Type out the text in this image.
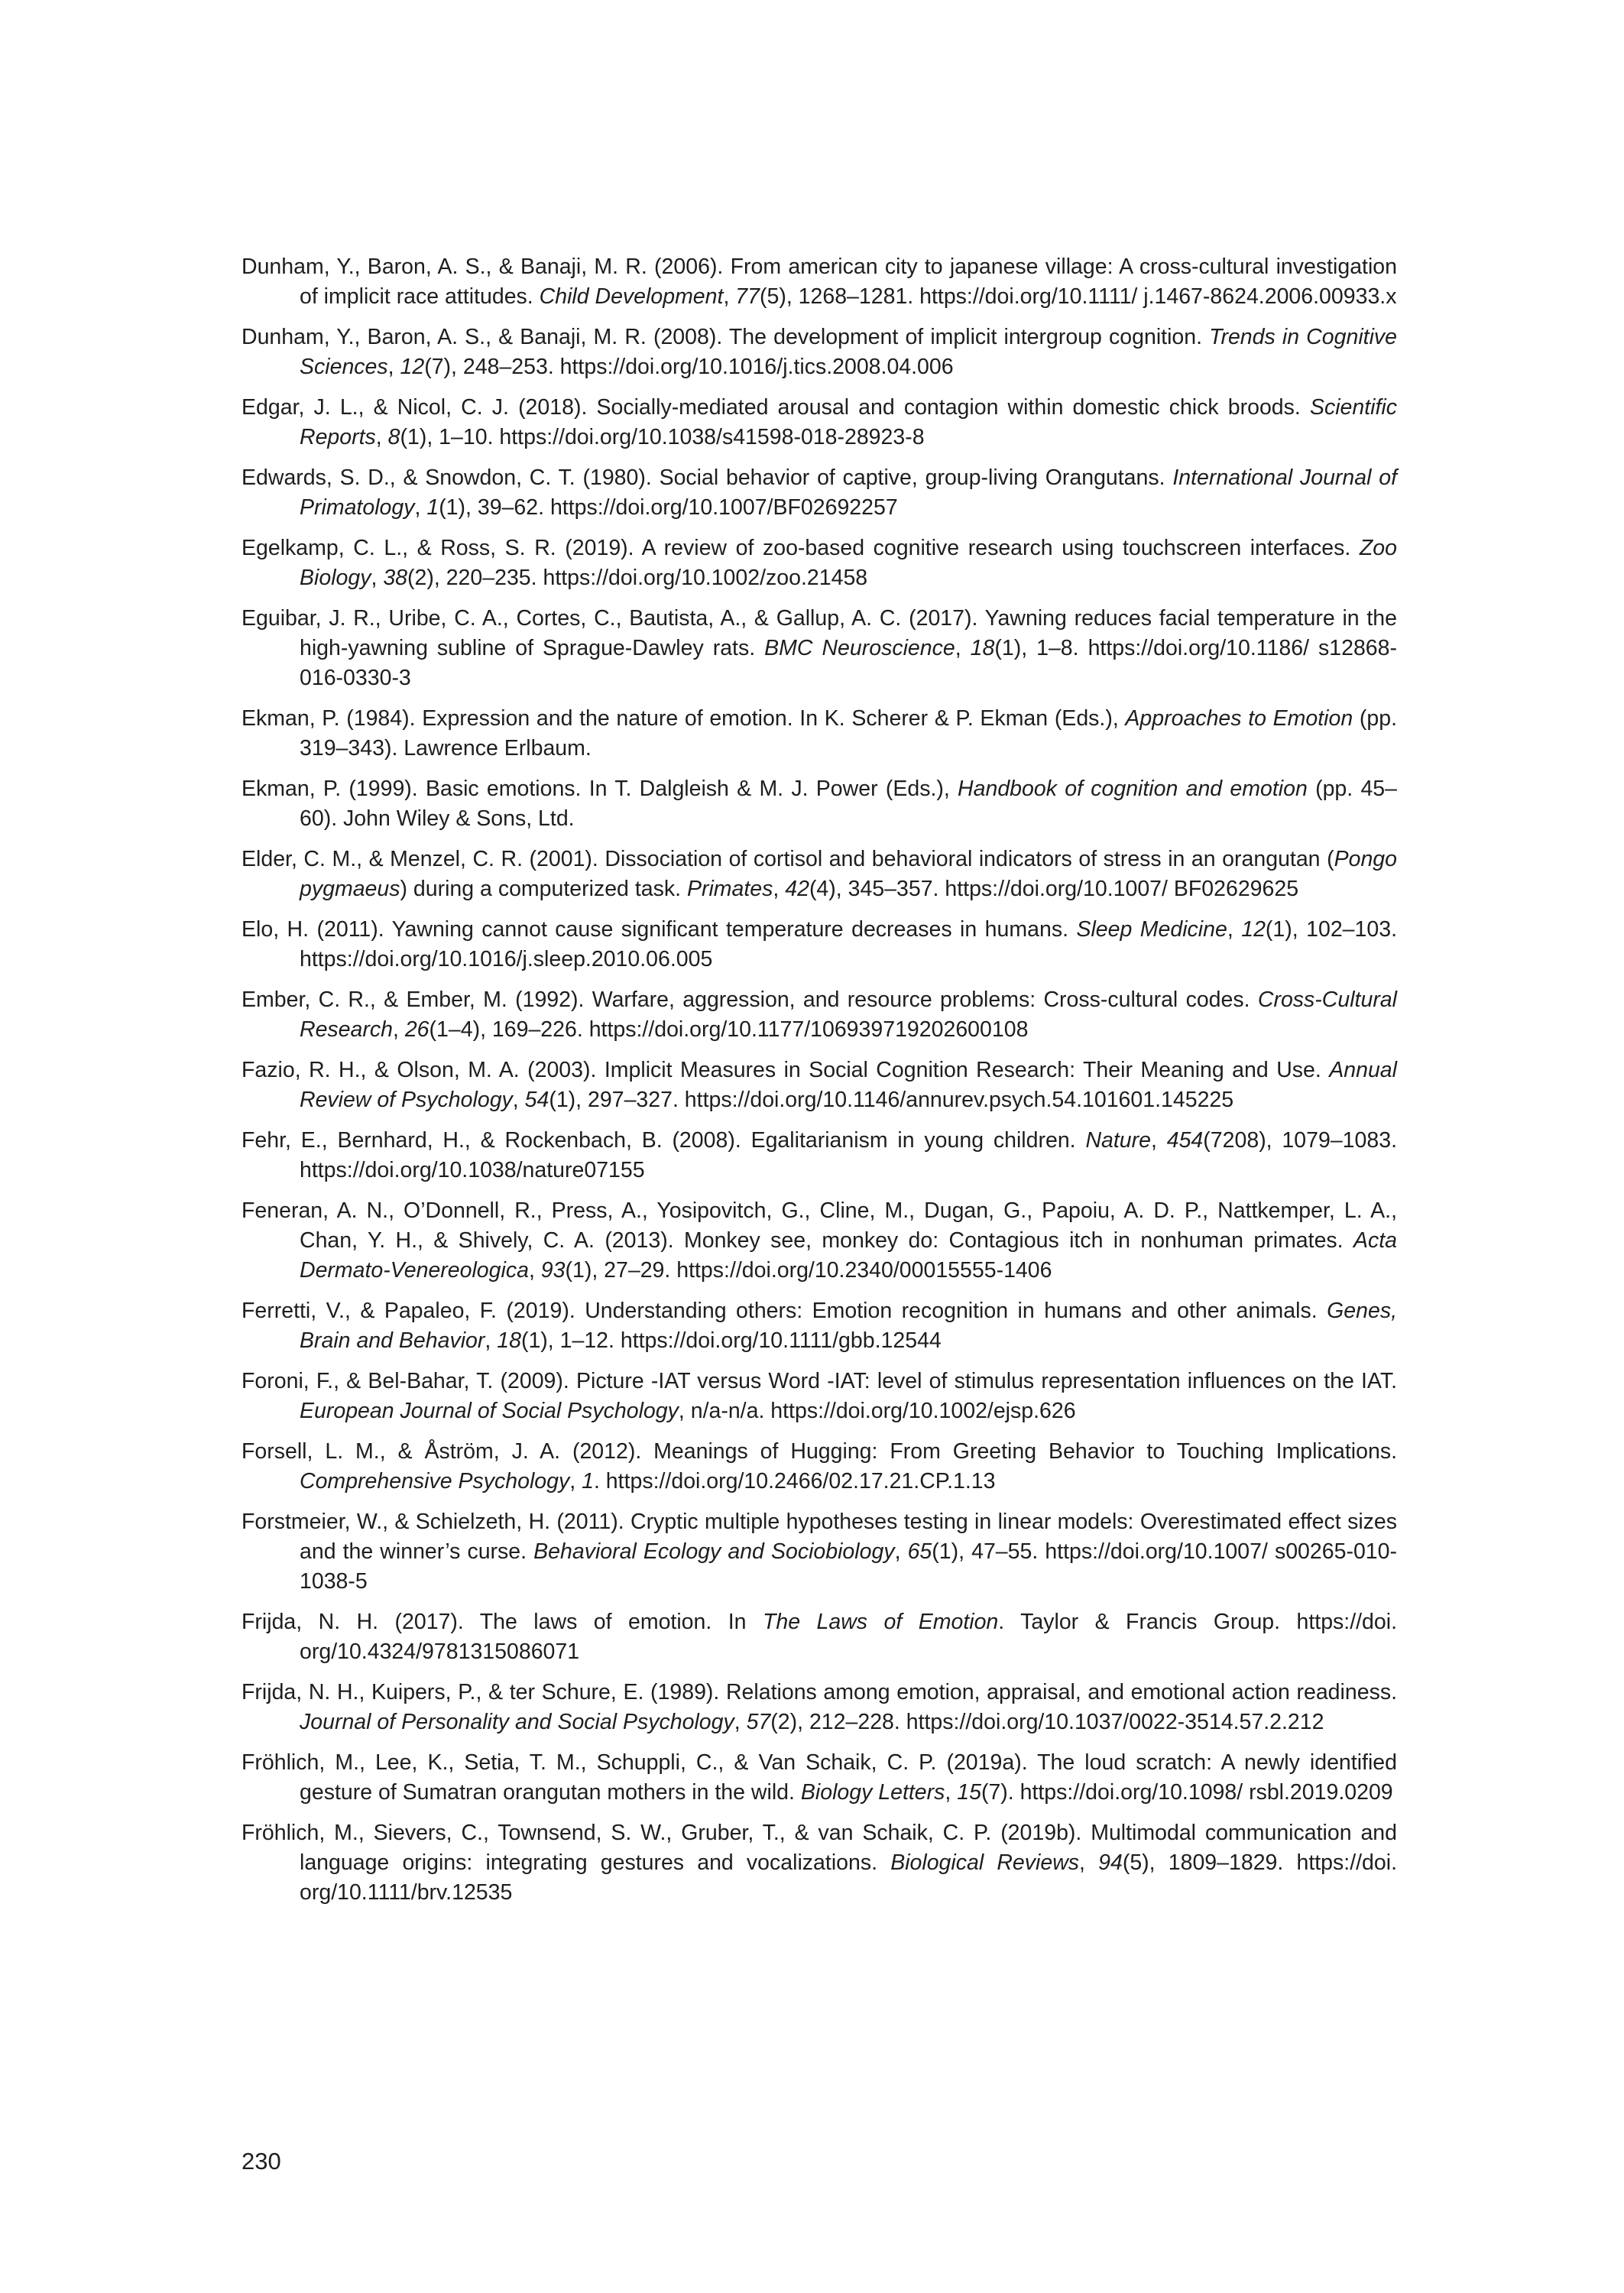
Dunham, Y., Baron, A. S., & Banaji, M. R. (2006). From american city to japanese village: A cross-cultural investigation of implicit race attitudes. Child Development, 77(5), 1268–1281. https://doi.org/10.1111/ j.1467-8624.2006.00933.x

Dunham, Y., Baron, A. S., & Banaji, M. R. (2008). The development of implicit intergroup cognition. Trends in Cognitive Sciences, 12(7), 248–253. https://doi.org/10.1016/j.tics.2008.04.006

Edgar, J. L., & Nicol, C. J. (2018). Socially-mediated arousal and contagion within domestic chick broods. Scientific Reports, 8(1), 1–10. https://doi.org/10.1038/s41598-018-28923-8

Edwards, S. D., & Snowdon, C. T. (1980). Social behavior of captive, group-living Orangutans. International Journal of Primatology, 1(1), 39–62. https://doi.org/10.1007/BF02692257

Egelkamp, C. L., & Ross, S. R. (2019). A review of zoo-based cognitive research using touchscreen interfaces. Zoo Biology, 38(2), 220–235. https://doi.org/10.1002/zoo.21458

Eguibar, J. R., Uribe, C. A., Cortes, C., Bautista, A., & Gallup, A. C. (2017). Yawning reduces facial temperature in the high-yawning subline of Sprague-Dawley rats. BMC Neuroscience, 18(1), 1–8. https://doi.org/10.1186/ s12868-016-0330-3

Ekman, P. (1984). Expression and the nature of emotion. In K. Scherer & P. Ekman (Eds.), Approaches to Emotion (pp. 319–343). Lawrence Erlbaum.

Ekman, P. (1999). Basic emotions. In T. Dalgleish & M. J. Power (Eds.), Handbook of cognition and emotion (pp. 45–60). John Wiley & Sons, Ltd.

Elder, C. M., & Menzel, C. R. (2001). Dissociation of cortisol and behavioral indicators of stress in an orangutan (Pongo pygmaeus) during a computerized task. Primates, 42(4), 345–357. https://doi.org/10.1007/ BF02629625

Elo, H. (2011). Yawning cannot cause significant temperature decreases in humans. Sleep Medicine, 12(1), 102–103. https://doi.org/10.1016/j.sleep.2010.06.005

Ember, C. R., & Ember, M. (1992). Warfare, aggression, and resource problems: Cross-cultural codes. Cross-Cultural Research, 26(1–4), 169–226. https://doi.org/10.1177/106939719202600108

Fazio, R. H., & Olson, M. A. (2003). Implicit Measures in Social Cognition Research: Their Meaning and Use. Annual Review of Psychology, 54(1), 297–327. https://doi.org/10.1146/annurev.psych.54.101601.145225

Fehr, E., Bernhard, H., & Rockenbach, B. (2008). Egalitarianism in young children. Nature, 454(7208), 1079–1083. https://doi.org/10.1038/nature07155

Feneran, A. N., O’Donnell, R., Press, A., Yosipovitch, G., Cline, M., Dugan, G., Papoiu, A. D. P., Nattkemper, L. A., Chan, Y. H., & Shively, C. A. (2013). Monkey see, monkey do: Contagious itch in nonhuman primates. Acta Dermato-Venereologica, 93(1), 27–29. https://doi.org/10.2340/00015555-1406

Ferretti, V., & Papaleo, F. (2019). Understanding others: Emotion recognition in humans and other animals. Genes, Brain and Behavior, 18(1), 1–12. https://doi.org/10.1111/gbb.12544

Foroni, F., & Bel-Bahar, T. (2009). Picture -IAT versus Word -IAT: level of stimulus representation influences on the IAT. European Journal of Social Psychology, n/a-n/a. https://doi.org/10.1002/ejsp.626

Forsell, L. M., & Åström, J. A. (2012). Meanings of Hugging: From Greeting Behavior to Touching Implications. Comprehensive Psychology, 1. https://doi.org/10.2466/02.17.21.CP.1.13

Forstmeier, W., & Schielzeth, H. (2011). Cryptic multiple hypotheses testing in linear models: Overestimated effect sizes and the winner’s curse. Behavioral Ecology and Sociobiology, 65(1), 47–55. https://doi.org/10.1007/ s00265-010-1038-5

Frijda, N. H. (2017). The laws of emotion. In The Laws of Emotion. Taylor & Francis Group. https://doi. org/10.4324/9781315086071

Frijda, N. H., Kuipers, P., & ter Schure, E. (1989). Relations among emotion, appraisal, and emotional action readiness. Journal of Personality and Social Psychology, 57(2), 212–228. https://doi.org/10.1037/0022-3514.57.2.212

Fröhlich, M., Lee, K., Setia, T. M., Schuppli, C., & Van Schaik, C. P. (2019a). The loud scratch: A newly identified gesture of Sumatran orangutan mothers in the wild. Biology Letters, 15(7). https://doi.org/10.1098/ rsbl.2019.0209

Fröhlich, M., Sievers, C., Townsend, S. W., Gruber, T., & van Schaik, C. P. (2019b). Multimodal communication and language origins: integrating gestures and vocalizations. Biological Reviews, 94(5), 1809–1829. https://doi. org/10.1111/brv.12535

230
